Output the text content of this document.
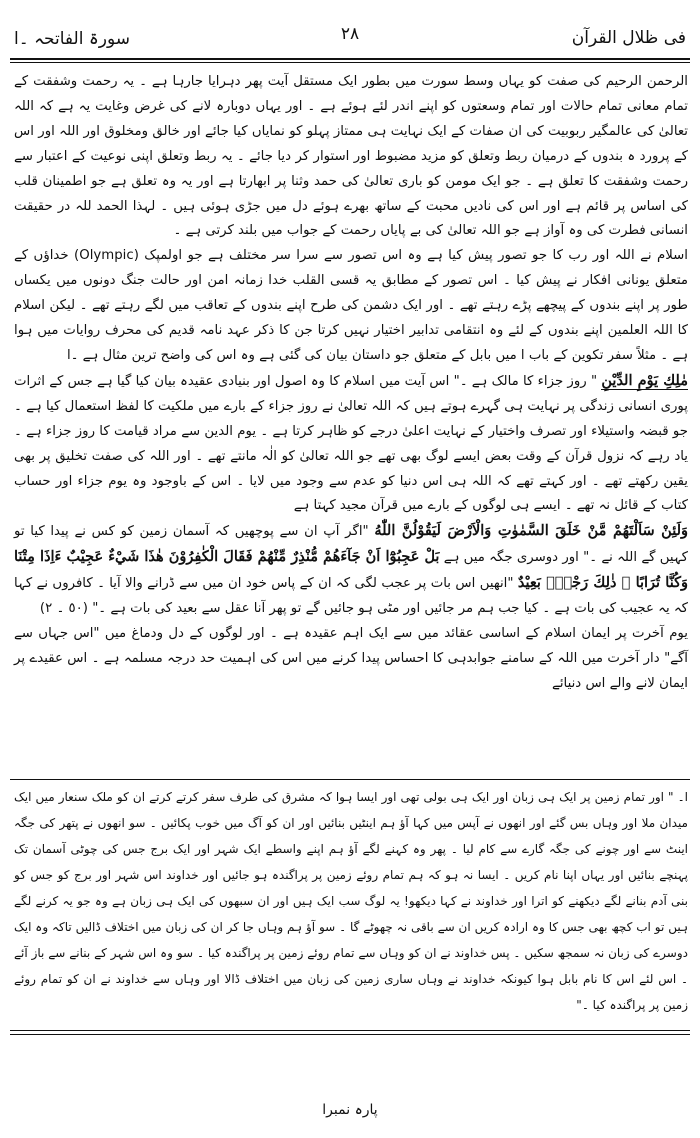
فی ظلال القرآن
۲۸
سورۃ الفاتحہ ۔ا

الرحمن الرحیم کی صفت کو یہاں وسط سورت میں بطور ایک مستقل آیت پھر دہرایا جارہا ہے ۔ یہ رحمت وشفقت کے تمام معانی تمام حالات اور تمام وسعتوں کو اپنے اندر لئے ہوئے ہے ۔ اور یہاں دوبارہ لانے کی غرض وغایت یہ ہے کہ اللہ تعالیٰ کی عالمگیر ربوبیت کی ان صفات کے ایک نہایت ہی ممتاز پہلو کو نمایاں کیا جائے اور خالق ومخلوق اور اللہ اور اس کے پرورد ہ بندوں کے درمیان ربط وتعلق کو مزید مضبوط اور استوار کر دیا جائے ۔ یہ ربط وتعلق اپنی نوعیت کے اعتبار سے رحمت وشفقت کا تعلق ہے ۔ جو ایک مومن کو باری تعالیٰ کی حمد وثنا پر ابھارتا ہے اور یہ وہ تعلق ہے جو اطمینان قلب کی اساس پر قائم ہے اور اس کی نادیں محبت کے ساتھ بھرے ہوئے دل میں جڑی ہوئی ہیں ۔ لہذا الحمد للہ در حقیقت انسانی فطرت کی وہ آواز ہے جو اللہ تعالیٰ کی بے پایاں رحمت کے جواب میں بلند کرتی ہے ۔

اسلام نے اللہ اور رب کا جو تصور پیش کیا ہے وہ اس تصور سے سرا سر مختلف ہے جو اولمپک (Olympic) خداؤں کے متعلق یونانی افکار نے پیش کیا ۔ اس تصور کے مطابق یہ قسی القلب خدا زمانہ امن اور حالت جنگ دونوں میں یکساں طور پر اپنے بندوں کے پیچھے پڑے رہتے تھے ۔ اور ایک دشمن کی طرح اپنے بندوں کے تعاقب میں لگے رہتے تھے ۔ لیکن اسلام کا اللہ العلمین اپنے بندوں کے لئے وہ انتقامی تدابیر اختیار نہیں کرتا جن کا ذکر عہد نامہ قدیم کی محرف روایات میں ہوا ہے ۔ مثلاً سفر تکوین کے باب ا میں بابل کے متعلق جو داستان بیان کی گئی ہے وہ اس کی واضح ترین مثال ہے ۔ا

مٰلِكِ يَوْمِ الدِّيْنِ " روز جزاء کا مالک ہے ۔" اس آیت میں اسلام کا وہ اصول اور بنیادی عقیدہ بیان کیا گیا ہے جس کے اثرات پوری انسانی زندگی پر نہایت ہی گہرے ہوتے ہیں کہ اللہ تعالیٰ نے روز جزاء کے بارے میں ملکیت کا لفظ استعمال کیا ہے ۔ جو قبضہ واستیلاء اور تصرف واختیار کے نہایت اعلیٰ درجے کو ظاہر کرتا ہے ۔ یوم الدین سے مراد قیامت کا روز جزاء ہے ۔ یاد رہے کہ نزول قرآن کے وقت بعض ایسے لوگ بھی تھے جو اللہ تعالیٰ کو الٰہ مانتے تھے ۔ اور اللہ کی صفت تخلیق پر بھی یقین رکھتے تھے ۔ اور کہتے تھے کہ اللہ ہی اس دنیا کو عدم سے وجود میں لایا ۔ اس کے باوجود وہ یوم جزاء اور حساب کتاب کے قائل نہ تھے ۔ ایسے ہی لوگوں کے بارے میں قرآن مجید کہتا ہے

وَلَئِنْ سَاَلْتَهُمْ مَّنْ خَلَقَ السَّمٰوٰتِ وَالْاَرْضَ لَيَقُوْلُنَّ اللّٰهُ "اگر آپ ان سے پوچھیں کہ آسمان زمین کو کس نے پیدا کیا تو کہیں گے اللہ نے ۔" اور دوسری جگہ میں ہے بَلْ عَجِبُوْٓا اَنْ جَآءَهُمْ مُّنْذِرٌ مِّنْهُمْ فَقَالَ الْكٰفِرُوْنَ هٰذَا شَيْءٌ عَجِيْبٌ ءَاِذَا مِتْنَا وَكُنَّا تُرَابًا ۚ ذٰلِكَ رَجْعٌۢ بَعِيْدٌ "انھیں اس بات پر عجب لگی کہ ان کے پاس خود ان میں سے ڈرانے والا آیا ۔ کافروں نے کہا کہ یہ عجیب کی بات ہے ۔ کیا جب ہم مر جائیں اور مٹی ہو جائیں گے تو پھر آنا عقل سے بعید کی بات ہے ۔" (٥٠ ۔ ٢)

یوم آخرت پر ایمان اسلام کے اساسی عقائد میں سے ایک اہم عقیدہ ہے ۔ اور لوگوں کے دل ودماغ میں "اس جہاں سے آگے" دار آخرت میں اللہ کے سامنے جوابدہی کا احساس پیدا کرنے میں اس کی اہمیت حد درجہ مسلمہ ہے ۔ اس عقیدے پر ایمان لانے والے اس دنیائے

ا۔ " اور تمام زمین پر ایک ہی زبان اور ایک ہی بولی تھی اور ایسا ہوا کہ مشرق کی طرف سفر کرتے کرتے ان کو ملک سنعار میں ایک میدان ملا اور وہاں بس گئے اور انھوں نے آپس میں کہا آؤ ہم اینٹیں بنائیں اور ان کو آگ میں خوب پکائیں ۔ سو انھوں نے پتھر کی جگہ اینٹ سے اور چونے کی جگہ گارے سے کام لیا ۔ پھر وہ کہنے لگے آؤ ہم اپنے واسطے ایک شہر اور ایک برج جس کی چوٹی آسمان تک پہنچے بنائیں اور یہاں اپنا نام کریں ۔ ایسا نہ ہو کہ ہم تمام روئے زمین پر پراگندہ ہو جائیں اور خداوند اس شہر اور برج کو جس کو بنی آدم بنانے لگے دیکھنے کو اترا اور خداوند نے کہا دیکھو! یہ لوگ سب ایک ہیں اور ان سبھوں کی ایک ہی زبان ہے وہ جو یہ کرنے لگے ہیں تو اب کچھ بھی جس کا وہ ارادہ کریں ان سے باقی نہ چھوٹے گا ۔ سو آؤ ہم وہاں جا کر ان کی زبان میں اختلاف ڈالیں تاکہ وہ ایک دوسرے کی زبان نہ سمجھ سکیں ۔ پس خداوند نے ان کو وہاں سے تمام روئے زمین پر پراگندہ کیا ۔ سو وہ اس شہر کے بنانے سے باز آئے ۔ اس لئے اس کا نام بابل ہوا کیونکہ خداوند نے وہاں ساری زمین کی زبان میں اختلاف ڈالا اور وہاں سے خداوند نے ان کو تمام روئے زمین پر پراگندہ کیا ۔"
پارہ نمبرا
